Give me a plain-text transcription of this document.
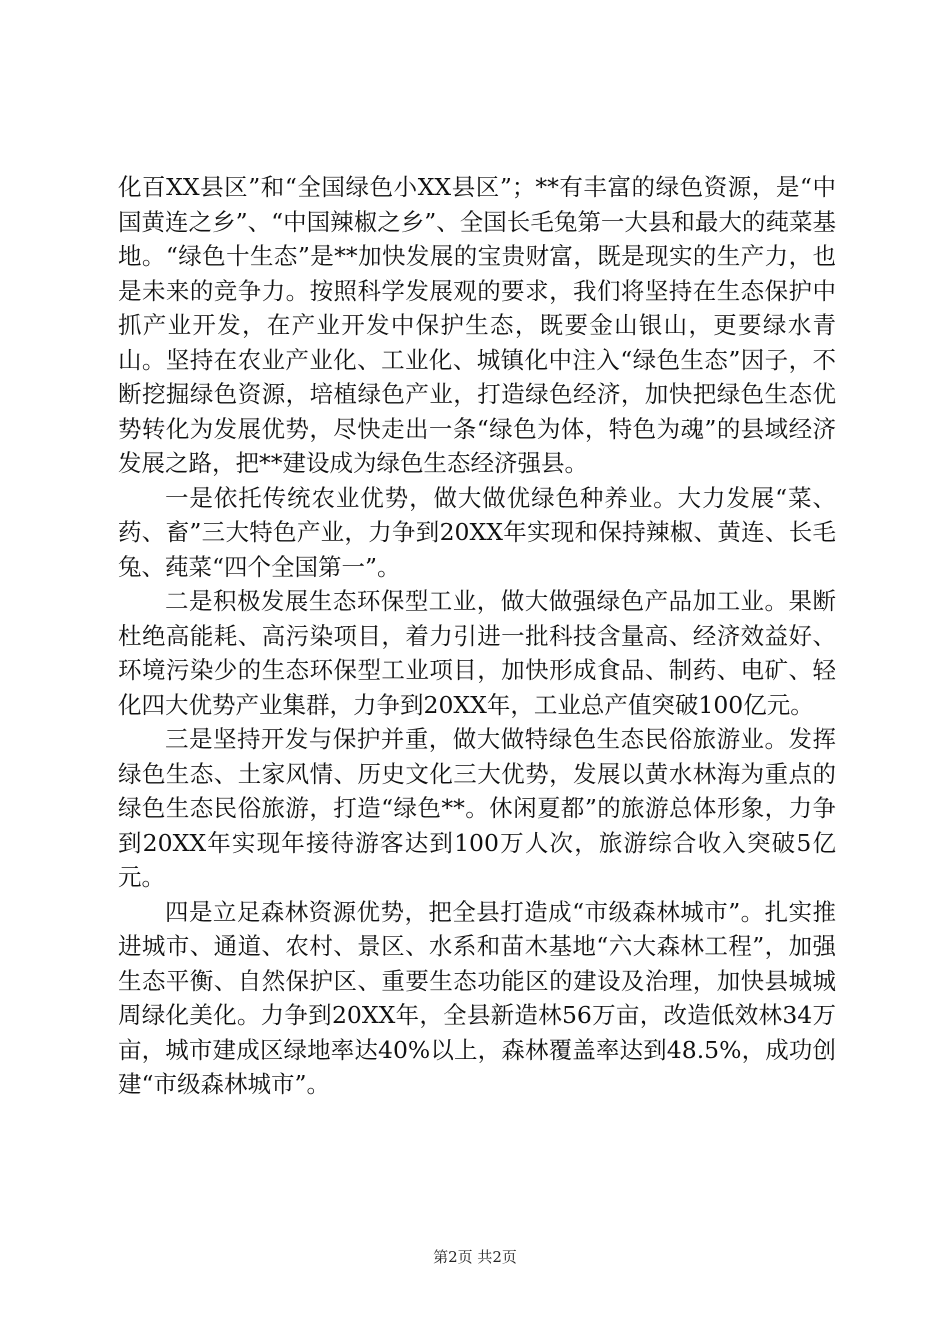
化百XX县区”和“全国绿色小XX县区”；**有丰富的绿色资源，是“中国黄连之乡”、“中国辣椒之乡”、全国长毛兔第一大县和最大的莼菜基地。“绿色十生态”是**加快发展的宝贵财富，既是现实的生产力，也是未来的竞争力。按照科学发展观的要求，我们将坚持在生态保护中抓产业开发，在产业开发中保护生态，既要金山银山，更要绿水青山。坚持在农业产业化、工业化、城镇化中注入“绿色生态”因子，不断挖掘绿色资源，培植绿色产业，打造绿色经济，加快把绿色生态优势转化为发展优势，尽快走出一条“绿色为体，特色为魂”的县域经济发展之路，把**建设成为绿色生态经济强县。

一是依托传统农业优势，做大做优绿色种养业。大力发展“菜、药、畜”三大特色产业，力争到20XX年实现和保持辣椒、黄连、长毛兔、莼菜“四个全国第一”。

二是积极发展生态环保型工业，做大做强绿色产品加工业。果断杜绝高能耗、高污染项目，着力引进一批科技含量高、经济效益好、环境污染少的生态环保型工业项目，加快形成食品、制药、电矿、轻化四大优势产业集群，力争到20XX年，工业总产值突破100亿元。

三是坚持开发与保护并重，做大做特绿色生态民俗旅游业。发挥绿色生态、土家风情、历史文化三大优势，发展以黄水林海为重点的绿色生态民俗旅游，打造“绿色**。休闲夏都”的旅游总体形象，力争到20XX年实现年接待游客达到100万人次，旅游综合收入突破5亿元。

四是立足森林资源优势，把全县打造成“市级森林城市”。扎实推进城市、通道、农村、景区、水系和苗木基地“六大森林工程”，加强生态平衡、自然保护区、重要生态功能区的建设及治理，加快县城城周绿化美化。力争到20XX年，全县新造林56万亩，改造低效林34万亩，城市建成区绿地率达40%以上，森林覆盖率达到48.5%，成功创建“市级森林城市”。

第2页 共2页
